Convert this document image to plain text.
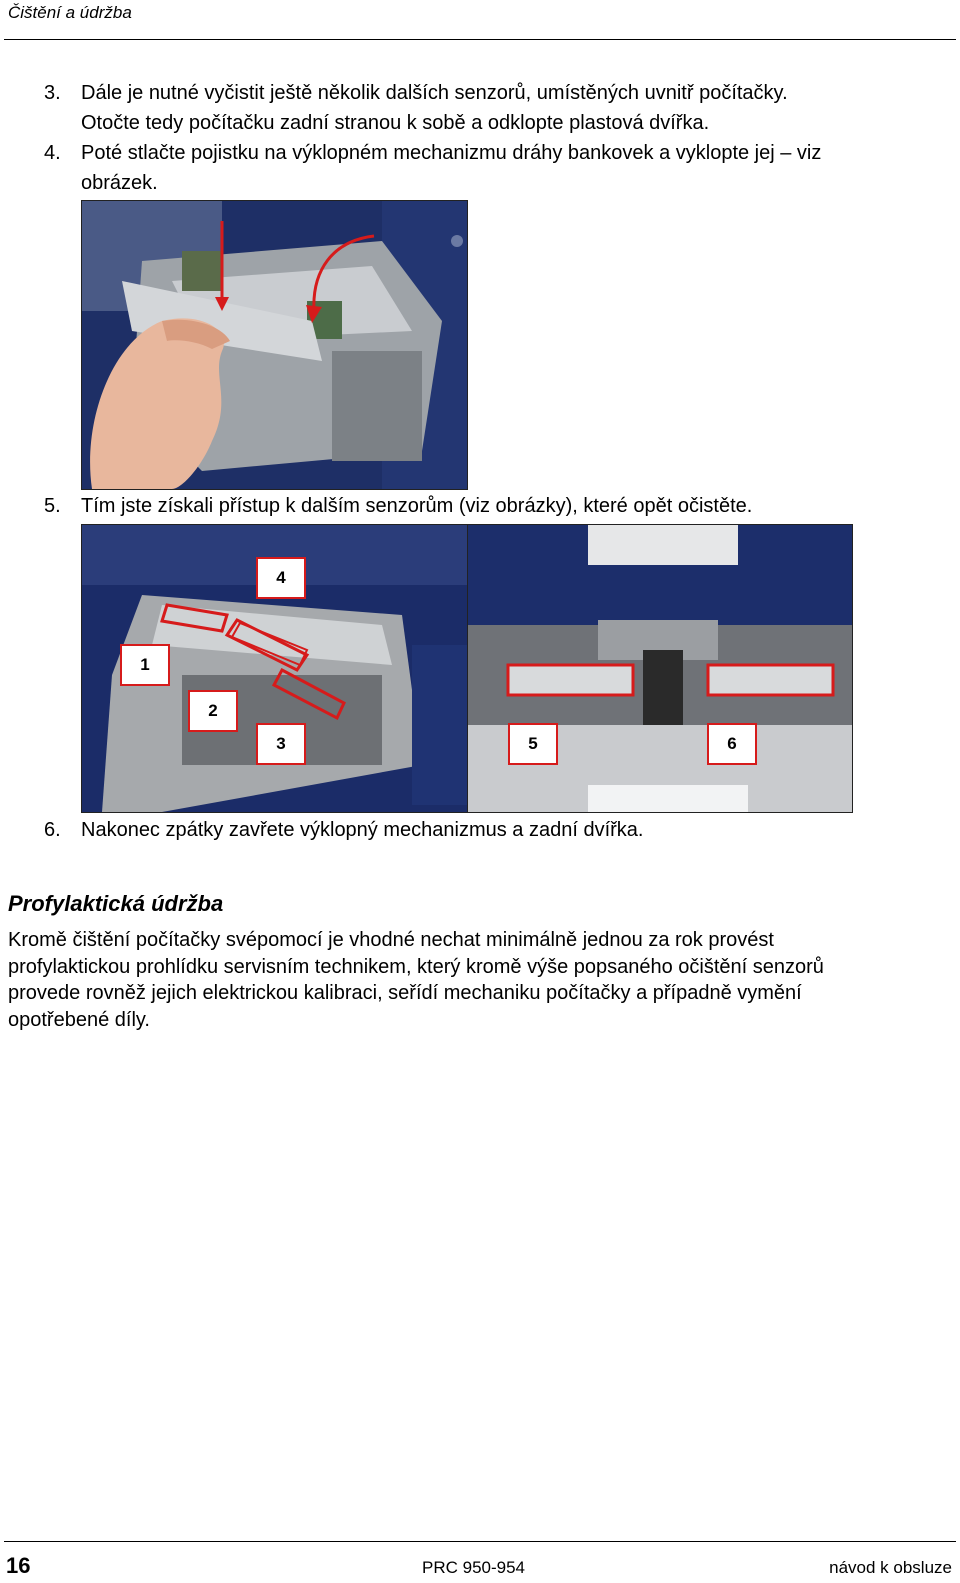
Čištění a údržba
3.	Dále je nutné vyčistit ještě několik dalších senzorů, umístěných uvnitř počítačky.
Otočte tedy počítačku zadní stranou k sobě a odklopte plastová dvířka.
4.	Poté stlačte pojistku na výklopném mechanizmu dráhy bankovek a vyklopte jej – viz
obrázek.
5.	Tím jste získali přístup k dalším senzorům (viz obrázky), které opět očistěte.
1
2
3
4
5	6
6.	Nakonec zpátky zavřete výklopný mechanizmus a zadní dvířka.
Profylaktická údržba
Kromě čištění počítačky svépomocí je vhodné nechat minimálně jednou za rok provést
profylaktickou prohlídku servisním technikem, který kromě výše popsaného očištění senzorů
provede rovněž jejich elektrickou kalibraci, seřídí mechaniku počítačky a případně vymění
opotřebené díly.
16	PRC 950-954	návod k obsluze
